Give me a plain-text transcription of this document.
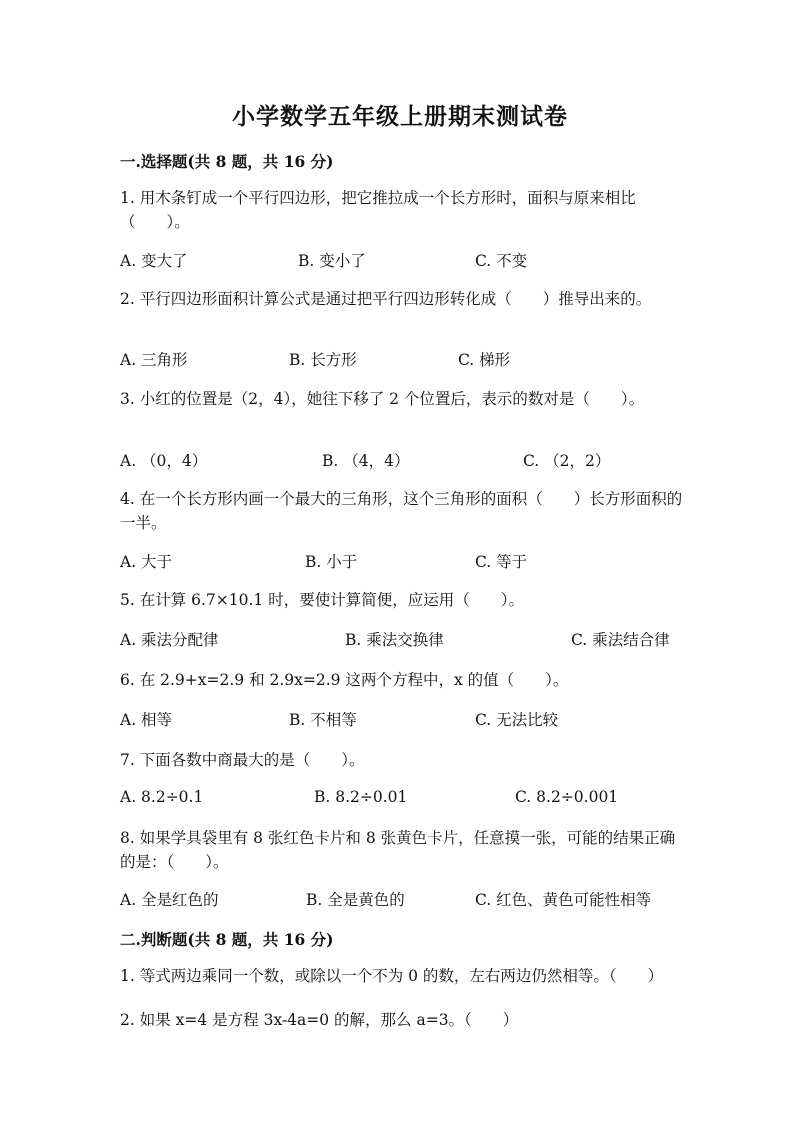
小学数学五年级上册期末测试卷
一.选择题(共 8 题，共 16 分)
1. 用木条钉成一个平行四边形，把它推拉成一个长方形时，面积与原来相比（　　）。
A. 变大了	B. 变小了	C. 不变
2. 平行四边形面积计算公式是通过把平行四边形转化成（　　）推导出来的。
A. 三角形	B. 长方形	C. 梯形
3. 小红的位置是（2，4），她往下移了 2 个位置后，表示的数对是（　　）。
A. （0，4）	B. （4，4）	C. （2，2）
4. 在一个长方形内画一个最大的三角形，这个三角形的面积（　　）长方形面积的一半。
A. 大于	B. 小于	C. 等于
5. 在计算 6.7×10.1 时，要使计算简便，应运用（　　）。
A. 乘法分配律	B. 乘法交换律	C. 乘法结合律
6. 在 2.9+x=2.9 和 2.9x=2.9 这两个方程中，x 的值（　　）。
A. 相等	B. 不相等	C. 无法比较
7. 下面各数中商最大的是（　　）。
A. 8.2÷0.1	B. 8.2÷0.01	C. 8.2÷0.001
8. 如果学具袋里有 8 张红色卡片和 8 张黄色卡片，任意摸一张，可能的结果正确的是：（　　）。
A. 全是红色的	B. 全是黄色的	C. 红色、黄色可能性相等
二.判断题(共 8 题，共 16 分)
1. 等式两边乘同一个数，或除以一个不为 0 的数，左右两边仍然相等。（　　）
2. 如果 x=4 是方程 3x-4a=0 的解，那么 a=3。（　　）
